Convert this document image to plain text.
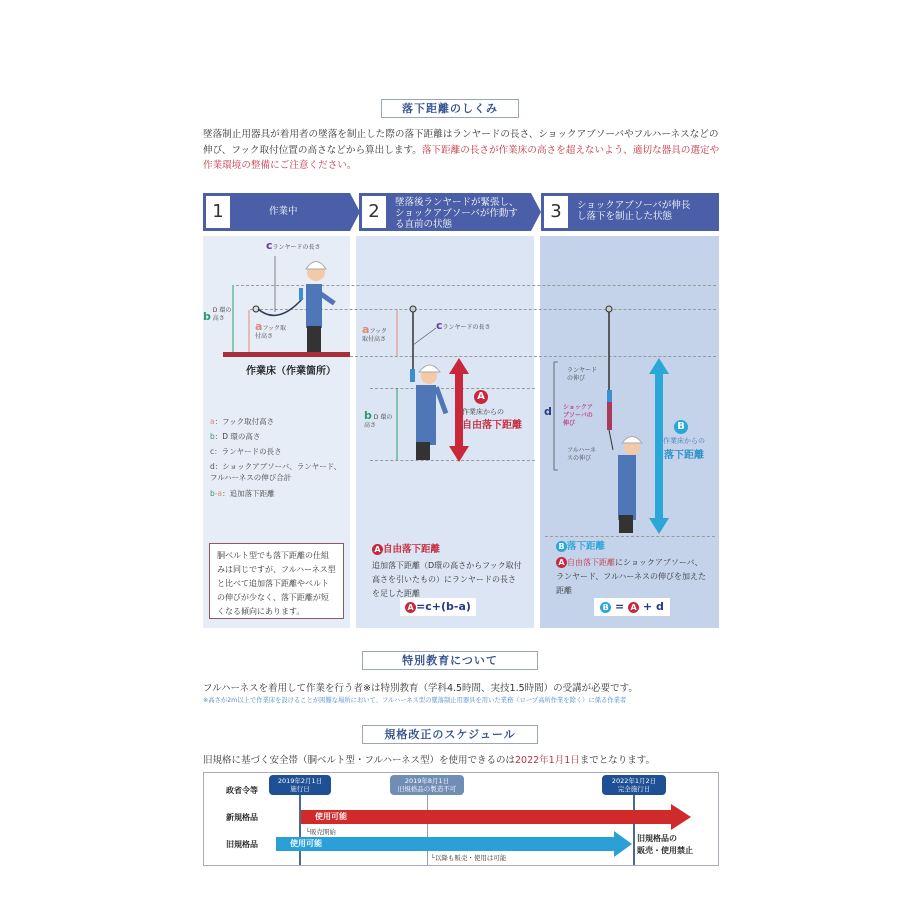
落下距離のしくみ
墜落制止用器具が着用者の墜落を制止した際の落下距離はランヤードの長さ、ショックアブソーバやフルハーネスなどの伸び、フック取付位置の高さなどから算出します。落下距離の長さが作業床の高さを超えないよう、適切な器具の選定や作業環境の整備にご注意ください。
1	作業中	2	墜落後ランヤードが緊張し、ショックアブソーバが作動する直前の状態
3	ショックアブソーバが伸長し落下を制止した状態
cランヤードの長さ
b D 環の高さ
aフック取付高さ
作業床（作業箇所）
a：フック取付高さ
b：D 環の高さ
c：ランヤードの長さ
d：ショックアブソーバ、ランヤード、フルハーネスの伸び合計
b-a：追加落下距離
胴ベルト型でも落下距離の仕組みは同じですが、フルハーネス型と比べて追加落下距離やベルトの伸びが少なく、落下距離が短くなる傾向にあります。
aフック取付高さ
cランヤードの長さ
b D 環の高さ
A
作業床からの
自由落下距離
A 自由落下距離
追加落下距離（D環の高さからフック取付高さを引いたもの）にランヤードの長さを足した距離
A =c+(b-a)
d
ランヤードの伸び
ショックアブソーバの伸び
フルハーネスの伸び
B
作業床からの
落下距離
B 落下距離
A 自由落下距離にショックアブソーバ、ランヤード、フルハーネスの伸びを加えた距離
B = A + d
特別教育について
フルハーネスを着用して作業を行う者※は特別教育（学科4.5時間、実技1.5時間）の受講が必要です。
※高さが2m以上で作業床を設けることが困難な場所において、フルハーネス型の墜落制止用器具を用いた業務（ロープ高所作業を除く）に係る作業者
規格改正のスケジュール
旧規格に基づく安全帯（胴ベルト型・フルハーネス型）を使用できるのは2022年1月1日までとなります。
政省令等
新規格品
旧規格品
2019年2月1日
施行日
2019年8月1日
旧規格品の製造不可
2022年1月2日
完全施行日
使用可能
└販売開始
使用可能
└以降も販売・使用は可能
旧規格品の
販売・使用禁止
